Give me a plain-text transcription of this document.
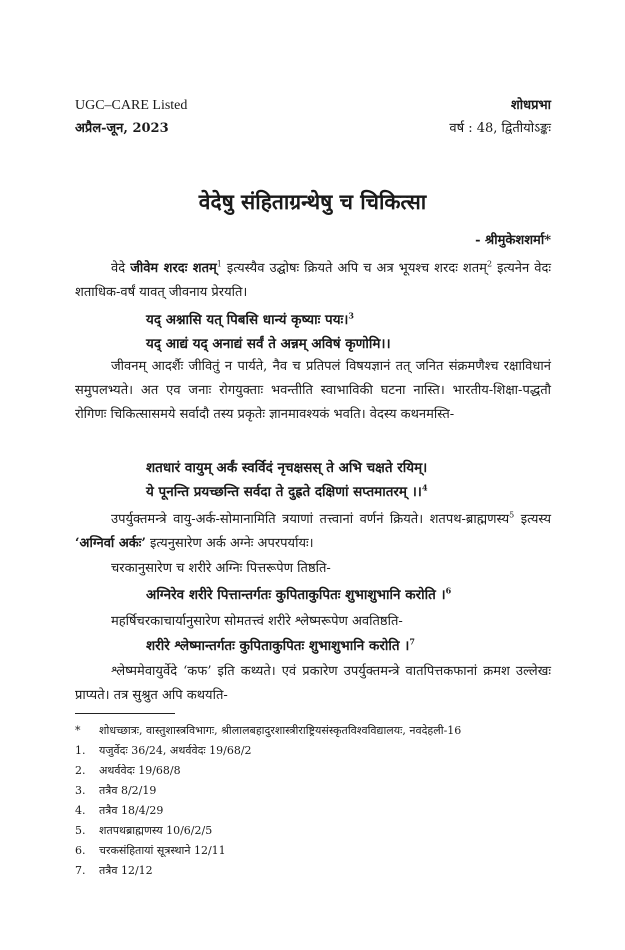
UGC–CARE Listed
अप्रैल-जून, 2023
शोधप्रभा
वर्ष : 48, द्वितीयोऽङ्कः
वेदेषु संहिताग्रन्थेषु च चिकित्सा
- श्रीमुकेशशर्मा*

वेदे जीवेम शरदः शतम्$^1$ इत्यस्यैव उद्घोषः क्रियते अपि च अत्र भूयश्च शरदः शतम्$^2$ इत्यनेन वेदः शताधिक-वर्षं यावत् जीवनाय प्रेरयति।

यद् अश्नासि यत् पिबसि धान्यं कृष्याः पयः।$^3$

यद् आद्यं यद् अनाद्यं सर्वं ते अन्नम् अविषं कृणोमि।।

जीवनम् आदर्शैः जीवितुं न पार्यते, नैव च प्रतिपलं विषयज्ञानं तत् जनित संक्रमणैश्च रक्षाविधानं समुपलभ्यते। अत एव जनाः रोगयुक्ताः भवन्तीति स्वाभाविकी घटना नास्ति। भारतीय-शिक्षा-पद्धतौ रोगिणः चिकित्सासमये सर्वादौ तस्य प्रकृतेः ज्ञानमावश्यकं भवति। वेदस्य कथनमस्ति-

शतधारं वायुम् अर्कं स्वर्विदं नृचक्षसस् ते अभि चक्षते रयिम्।

ये पूनन्ति प्रयच्छन्ति सर्वदा ते दुह्रते दक्षिणां सप्तमातरम् ।।$^4$

उपर्युक्तमन्त्रे वायु-अर्क-सोमानामिति त्रयाणां तत्त्वानां वर्णनं क्रियते। शतपथ-ब्राह्मणस्य$^5$ इत्यस्य ‘अग्निर्वा अर्कः’ इत्यनुसारेण अर्क अग्नेः अपरपर्यायः।

चरकानुसारेण च शरीरे अग्निः पित्तरूपेण तिष्ठति-

अग्निरेव शरीरे पित्तान्तर्गतः कुपिताकुपितः शुभाशुभानि करोति ।$^6$

महर्षिचरकाचार्यानुसारेण सोमतत्त्वं शरीरे श्लेष्मरूपेण अवतिष्ठति-

शरीरे श्लेष्मान्तर्गतः कुपिताकुपितः शुभाशुभानि करोति ।$^7$

श्लेष्ममेवायुर्वेदे ‘कफ’ इति कथ्यते। एवं प्रकारेण उपर्युक्तमन्त्रे वातपित्तकफानां क्रमश उल्लेखः प्राप्यते। तत्र सुश्रुत अपि कथयति-

* शोधच्छात्रः, वास्तुशास्त्रविभागः, श्रीलालबहादुरशास्त्रीराष्ट्रियसंस्कृतविश्वविद्यालयः, नवदेहली-16
1. यजुर्वेदः 36/24, अथर्ववेदः 19/68/2
2. अथर्ववेदः 19/68/8
3. तत्रैव 8/2/19
4. तत्रैव 18/4/29
5. शतपथब्राह्मणस्य 10/6/2/5
6. चरकसंहितायां सूत्रस्थाने 12/11
7. तत्रैव 12/12
